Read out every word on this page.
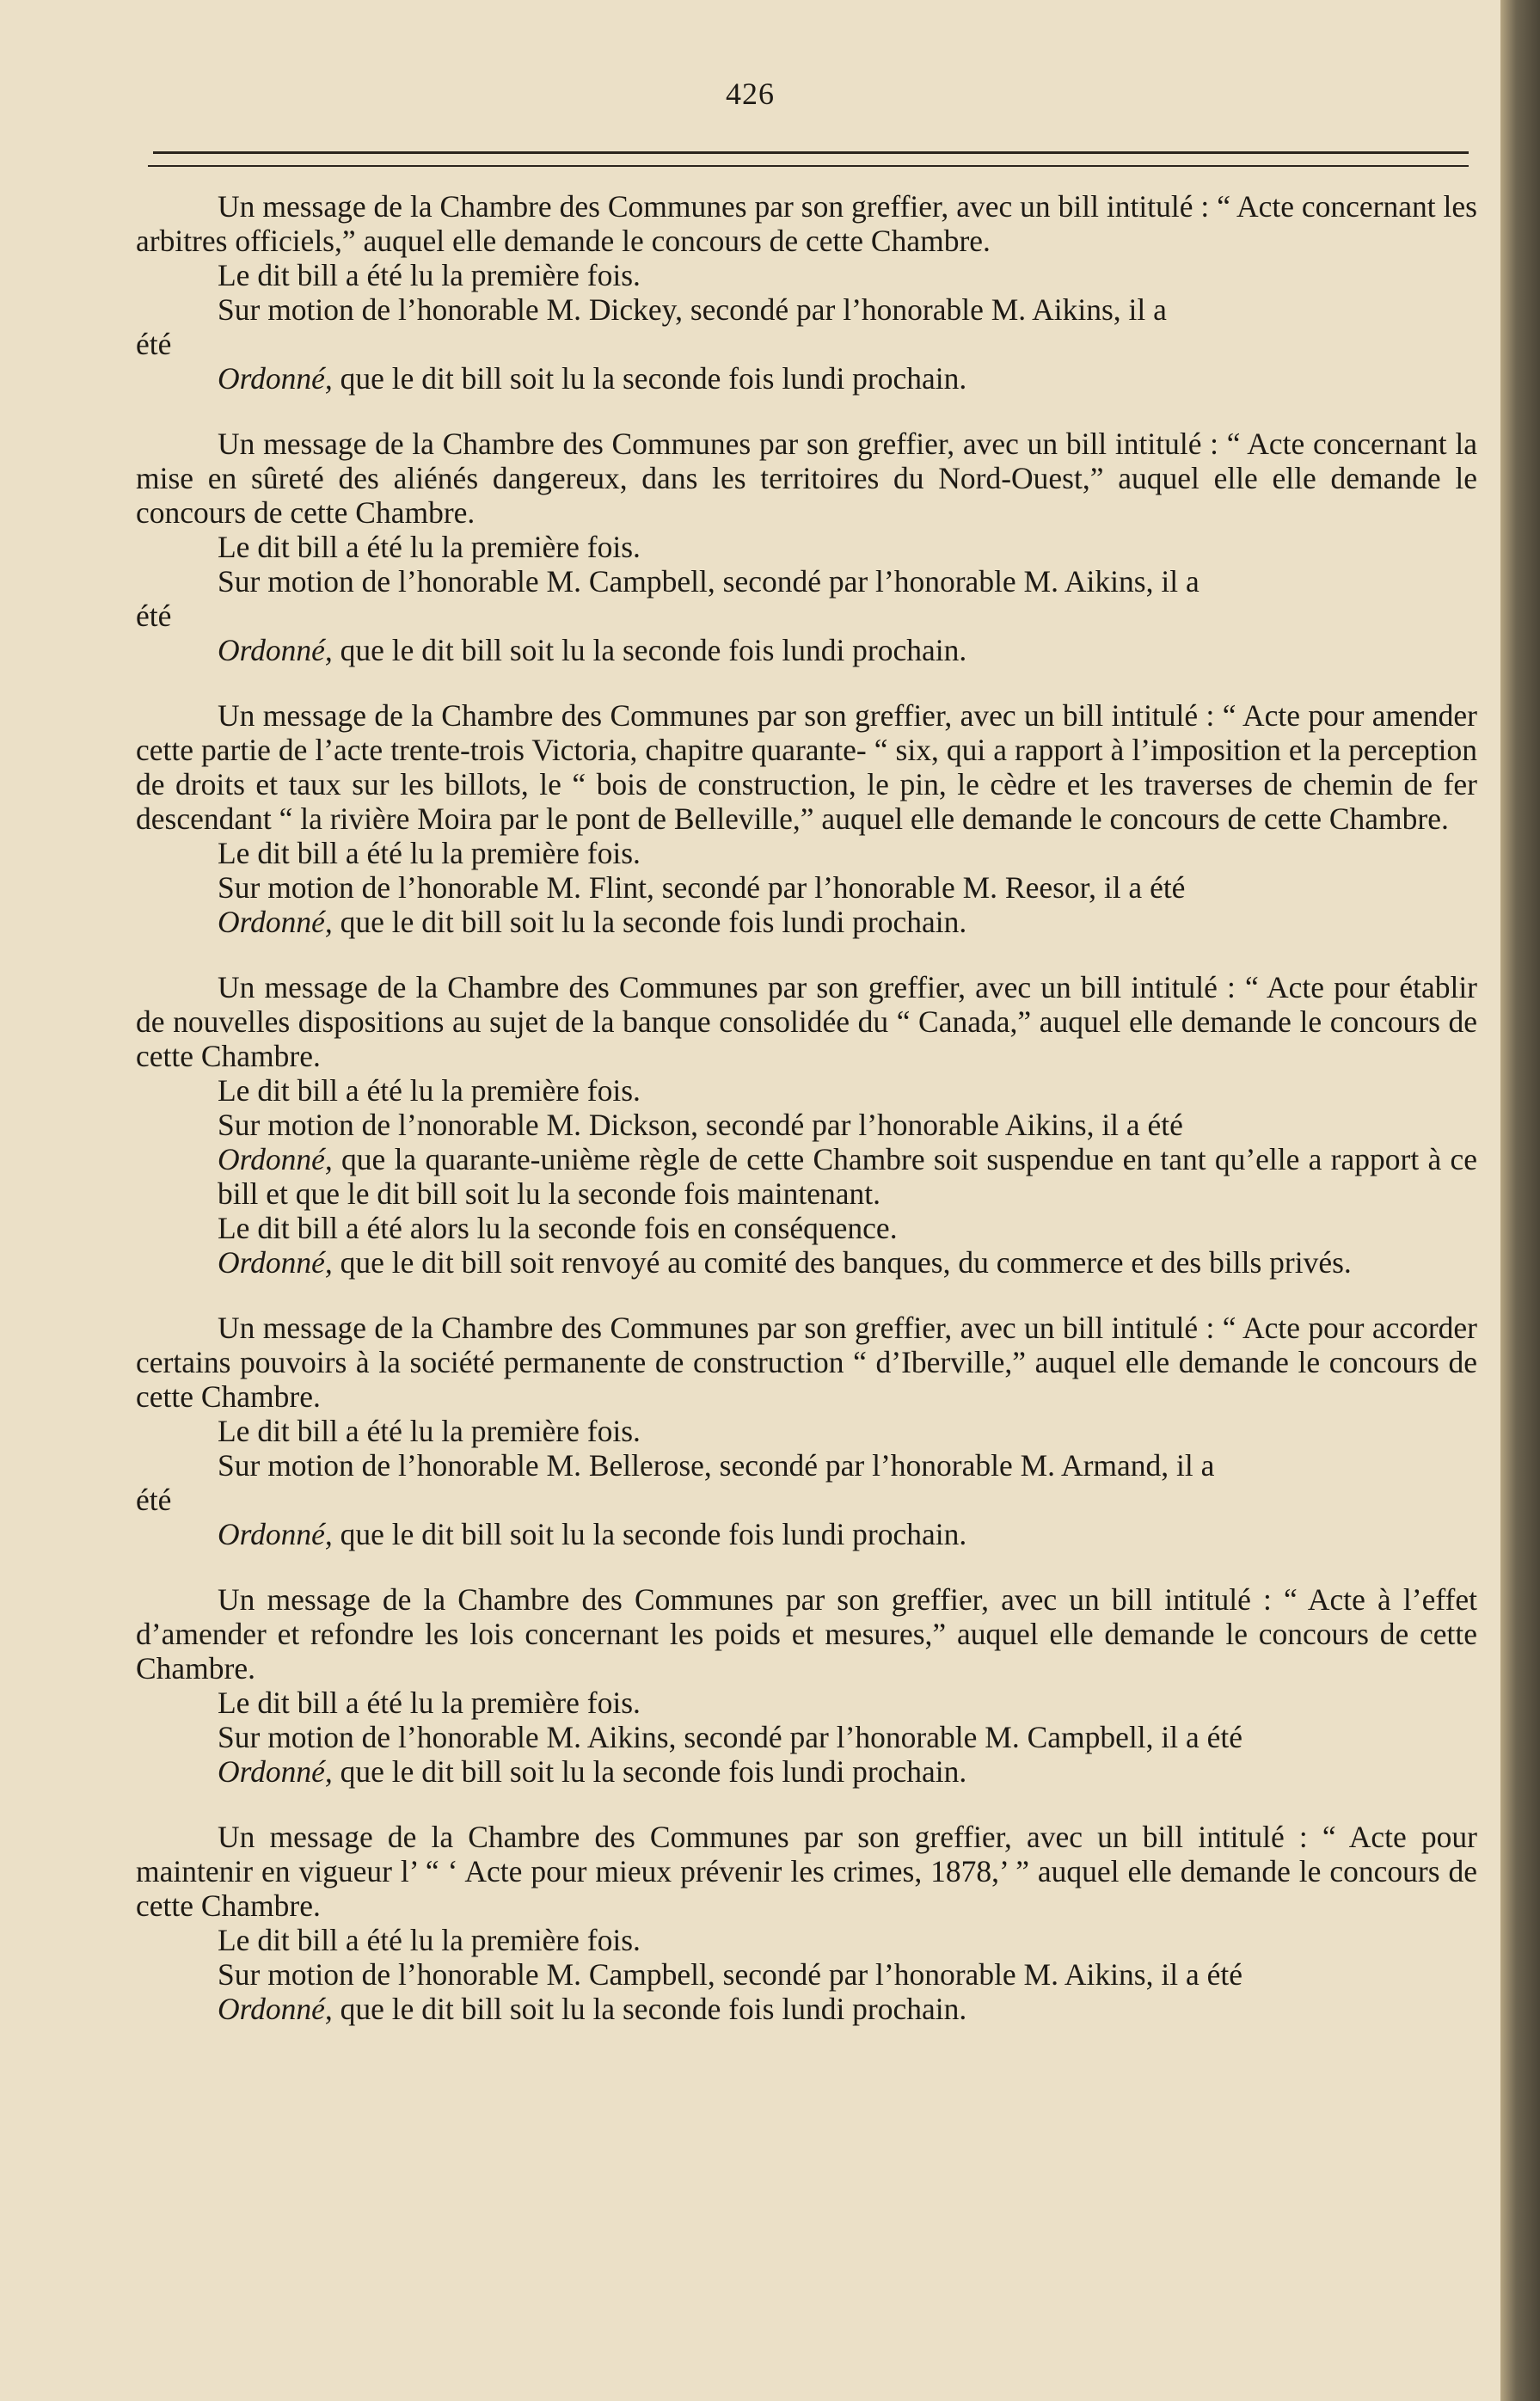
426

Un message de la Chambre des Communes par son greffier, avec un bill intitulé : “ Acte concernant les arbitres officiels,” auquel elle demande le concours de cette Chambre.

Le dit bill a été lu la première fois.

Sur motion de l’honorable M. Dickey, secondé par l’honorable M. Aikins, il a

été

Ordonné, que le dit bill soit lu la seconde fois lundi prochain.

Un message de la Chambre des Communes par son greffier, avec un bill intitulé : “ Acte concernant la mise en sûreté des aliénés dangereux, dans les territoires du Nord-Ouest,” auquel elle elle demande le concours de cette Chambre.

Le dit bill a été lu la première fois.

Sur motion de l’honorable M. Campbell, secondé par l’honorable M. Aikins, il a

été

Ordonné, que le dit bill soit lu la seconde fois lundi prochain.

Un message de la Chambre des Communes par son greffier, avec un bill intitulé : “ Acte pour amender cette partie de l’acte trente-trois Victoria, chapitre quarante- “ six, qui a rapport à l’imposition et la perception de droits et taux sur les billots, le “ bois de construction, le pin, le cèdre et les traverses de chemin de fer descendant “ la rivière Moira par le pont de Belleville,” auquel elle demande le concours de cette Chambre.

Le dit bill a été lu la première fois.

Sur motion de l’honorable M. Flint, secondé par l’honorable M. Reesor, il a été

Ordonné, que le dit bill soit lu la seconde fois lundi prochain.

Un message de la Chambre des Communes par son greffier, avec un bill intitulé : “ Acte pour établir de nouvelles dispositions au sujet de la banque consolidée du “ Canada,” auquel elle demande le concours de cette Chambre.

Le dit bill a été lu la première fois.

Sur motion de l’nonorable M. Dickson, secondé par l’honorable Aikins, il a été

Ordonné, que la quarante-unième règle de cette Chambre soit suspendue en tant qu’elle a rapport à ce bill et que le dit bill soit lu la seconde fois maintenant.

Le dit bill a été alors lu la seconde fois en conséquence.

Ordonné, que le dit bill soit renvoyé au comité des banques, du commerce et des bills privés.

Un message de la Chambre des Communes par son greffier, avec un bill intitulé : “ Acte pour accorder certains pouvoirs à la société permanente de construction “ d’Iberville,” auquel elle demande le concours de cette Chambre.

Le dit bill a été lu la première fois.

Sur motion de l’honorable M. Bellerose, secondé par l’honorable M. Armand, il a

été

Ordonné, que le dit bill soit lu la seconde fois lundi prochain.

Un message de la Chambre des Communes par son greffier, avec un bill intitulé : “ Acte à l’effet d’amender et refondre les lois concernant les poids et mesures,” auquel elle demande le concours de cette Chambre.

Le dit bill a été lu la première fois.

Sur motion de l’honorable M. Aikins, secondé par l’honorable M. Campbell, il a été

Ordonné, que le dit bill soit lu la seconde fois lundi prochain.

Un message de la Chambre des Communes par son greffier, avec un bill intitulé : “ Acte pour maintenir en vigueur l’ “ ‘ Acte pour mieux prévenir les crimes, 1878,’ ” auquel elle demande le concours de cette Chambre.

Le dit bill a été lu la première fois.

Sur motion de l’honorable M. Campbell, secondé par l’honorable M. Aikins, il a été

Ordonné, que le dit bill soit lu la seconde fois lundi prochain.
